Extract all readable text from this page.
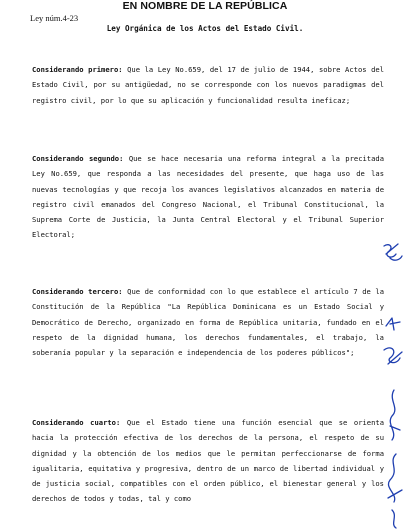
EN NOMBRE DE LA REPÚBLICA
Ley núm.4-23
Ley Orgánica de los Actos del Estado Civil.
Considerando primero: Que la Ley No.659, del 17 de julio de 1944, sobre Actos del Estado Civil, por su antigüedad, no se corresponde con los nuevos paradigmas del registro civil, por lo que su aplicación y funcionalidad resulta ineficaz;
Considerando segundo: Que se hace necesaria una reforma integral a la precitada Ley No.659, que responda a las necesidades del presente, que haga uso de las nuevas tecnologías y que recoja los avances legislativos alcanzados en materia de registro civil emanados del Congreso Nacional, el Tribunal Constitucional, la Suprema Corte de Justicia, la Junta Central Electoral y el Tribunal Superior Electoral;
Considerando tercero: Que de conformidad con lo que establece el artículo 7 de la Constitución de la República "La República Dominicana es un Estado Social y Democrático de Derecho, organizado en forma de República unitaria, fundado en el respeto de la dignidad humana, los derechos fundamentales, el trabajo, la soberanía popular y la separación e independencia de los poderes públicos";
Considerando cuarto: Que el Estado tiene una función esencial que se orienta hacia la protección efectiva de los derechos de la persona, el respeto de su dignidad y la obtención de los medios que le permitan perfeccionarse de forma igualitaria, equitativa y progresiva, dentro de un marco de libertad individual y de justicia social, compatibles con el orden público, el bienestar general y los derechos de todos y todas, tal y como
